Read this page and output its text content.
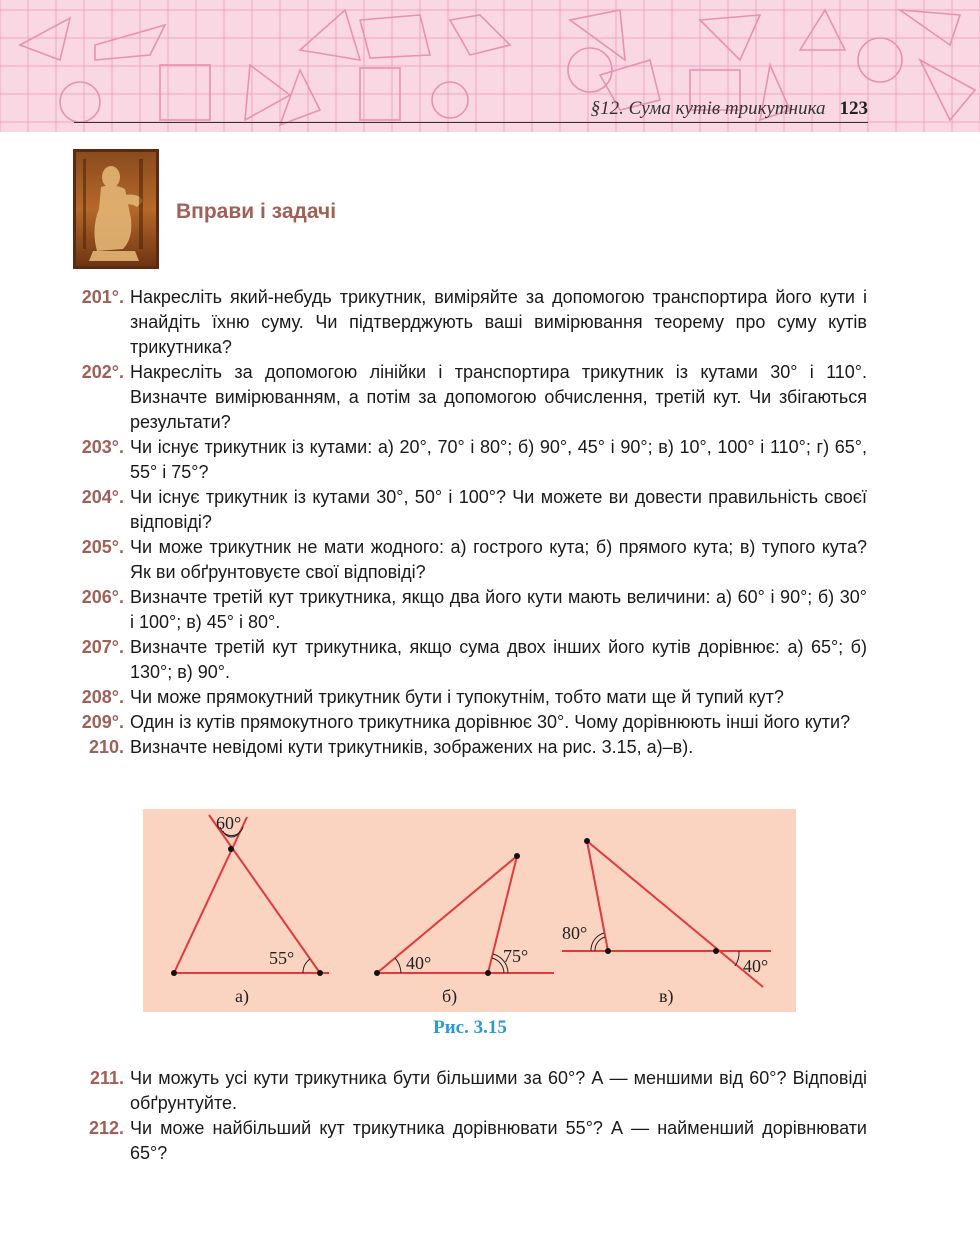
§12. Сума кутів трикутника 123
Вправи і задачі
201°. Накресліть який-небудь трикутник, виміряйте за допомогою транспортира його кути і знайдіть їхню суму. Чи підтверджують ваші вимірювання теорему про суму кутів трикутника?
202°. Накресліть за допомогою лінійки і транспортира трикутник із кутами 30° і 110°. Визначте вимірюванням, а потім за допомогою обчислення, третій кут. Чи збігаються результати?
203°. Чи існує трикутник із кутами: а) 20°, 70° і 80°; б) 90°, 45° і 90°; в) 10°, 100° і 110°; г) 65°, 55° і 75°?
204°. Чи існує трикутник із кутами 30°, 50° і 100°? Чи можете ви довести правильність своєї відповіді?
205°. Чи може трикутник не мати жодного: а) гострого кута; б) прямого кута; в) тупого кута? Як ви обґрунтовуєте свої відповіді?
206°. Визначте третій кут трикутника, якщо два його кути мають величини: а) 60° і 90°; б) 30° і 100°; в) 45° і 80°.
207°. Визначте третій кут трикутника, якщо сума двох інших його кутів дорівнює: а) 65°; б) 130°; в) 90°.
208°. Чи може прямокутний трикутник бути і тупокутнім, тобто мати ще й тупий кут?
209°. Один із кутів прямокутного трикутника дорівнює 30°. Чому дорівнюють інші його кути?
210. Визначте невідомі кути трикутників, зображених на рис. 3.15, а)–в).
60°
55°
а)
40°	75°
б)
80°
40°
в)
Рис. 3.15
211. Чи можуть усі кути трикутника бути більшими за 60°? А — меншими від 60°? Відповіді обґрунтуйте.
212. Чи може найбільший кут трикутника дорівнювати 55°? А — найменший дорівнювати 65°?
